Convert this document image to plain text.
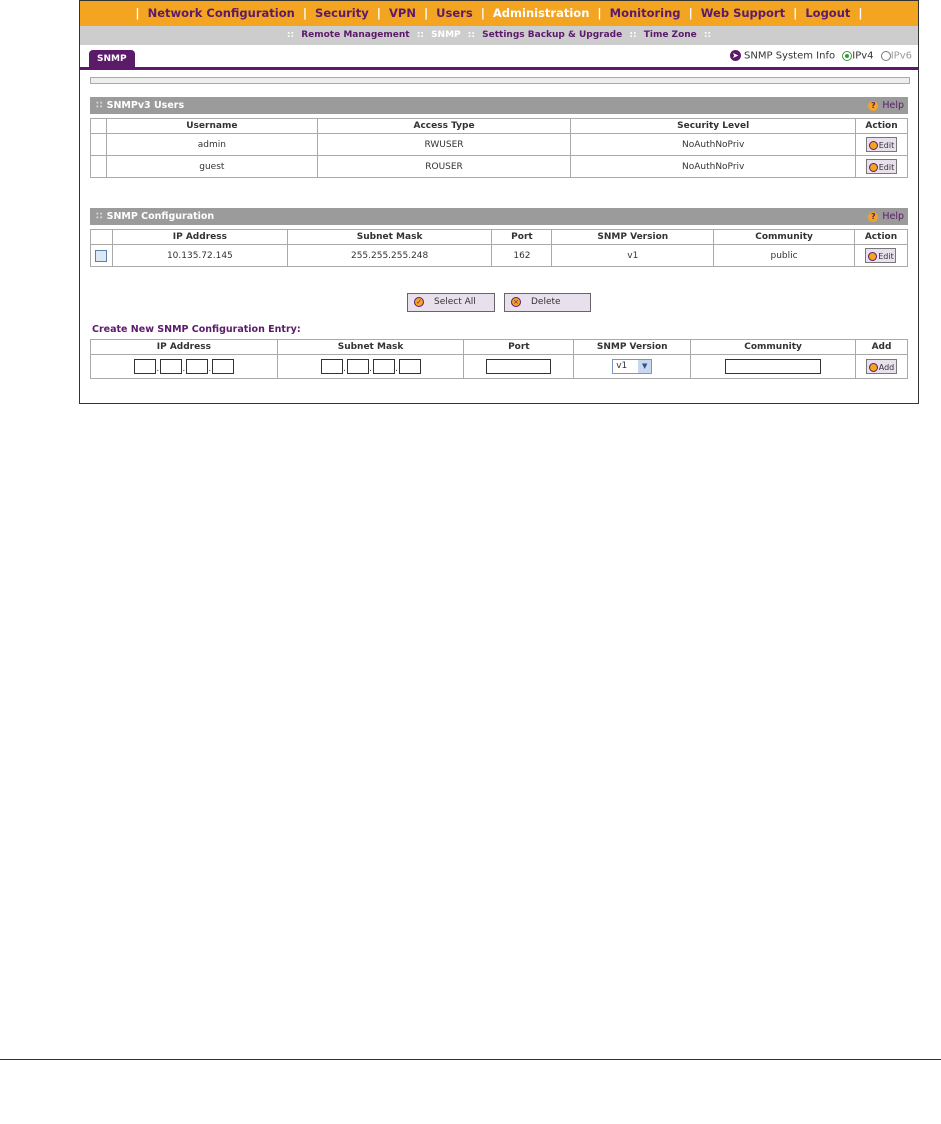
| Network Configuration | Security | VPN | Users | Administration | Monitoring | Web Support | Logout |
:: Remote Management :: SNMP :: Settings Backup & Upgrade :: Time Zone ::
SNMP	➤ SNMP System Info IPv4 IPv6
∷ SNMPv3 Users	? Help
	Username	Access Type	Security Level	Action
	admin	RWUSER	NoAuthNoPriv	Edit
	guest	ROUSER	NoAuthNoPriv	Edit
∷ SNMP Configuration	? Help
	IP Address	Subnet Mask	Port	SNMP Version	Community	Action
	10.135.72.145	255.255.255.248	162	v1	public	Edit
✓ Select All	× Delete
Create New SNMP Configuration Entry:
IP Address	Subnet Mask	Port	SNMP Version	Community	Add
. . .	. . .		v1 ▼		Add
